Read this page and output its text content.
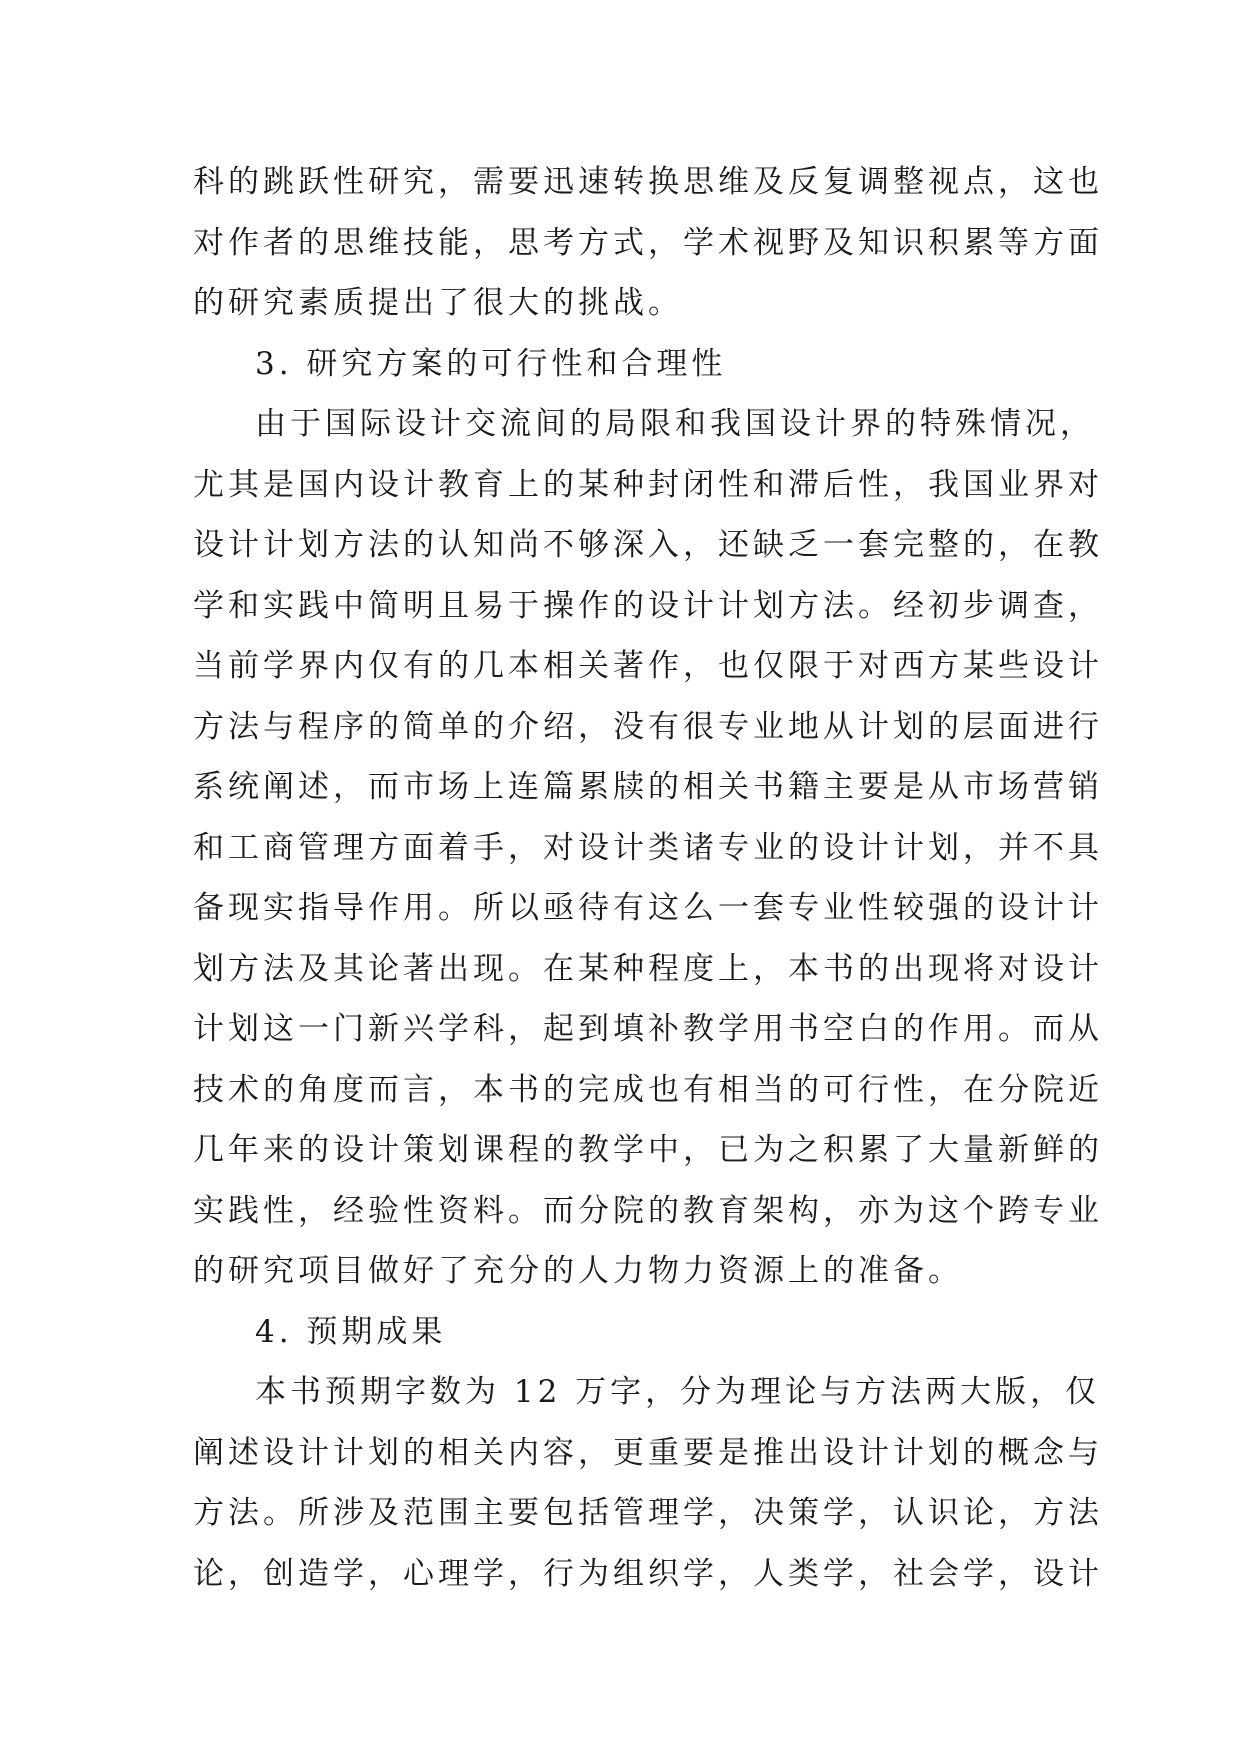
科的跳跃性研究，需要迅速转换思维及反复调整视点，这也
对作者的思维技能，思考方式，学术视野及知识积累等方面
的研究素质提出了很大的挑战。
3. 研究方案的可行性和合理性
由于国际设计交流间的局限和我国设计界的特殊情况，
尤其是国内设计教育上的某种封闭性和滞后性，我国业界对
设计计划方法的认知尚不够深入，还缺乏一套完整的，在教
学和实践中简明且易于操作的设计计划方法。经初步调查，
当前学界内仅有的几本相关著作，也仅限于对西方某些设计
方法与程序的简单的介绍，没有很专业地从计划的层面进行
系统阐述，而市场上连篇累牍的相关书籍主要是从市场营销
和工商管理方面着手，对设计类诸专业的设计计划，并不具
备现实指导作用。所以亟待有这么一套专业性较强的设计计
划方法及其论著出现。在某种程度上，本书的出现将对设计
计划这一门新兴学科，起到填补教学用书空白的作用。而从
技术的角度而言，本书的完成也有相当的可行性，在分院近
几年来的设计策划课程的教学中，已为之积累了大量新鲜的
实践性，经验性资料。而分院的教育架构，亦为这个跨专业
的研究项目做好了充分的人力物力资源上的准备。
4. 预期成果
本书预期字数为 12 万字，分为理论与方法两大版，仅
阐述设计计划的相关内容，更重要是推出设计计划的概念与
方法。所涉及范围主要包括管理学，决策学，认识论，方法
论，创造学，心理学，行为组织学，人类学，社会学，设计
